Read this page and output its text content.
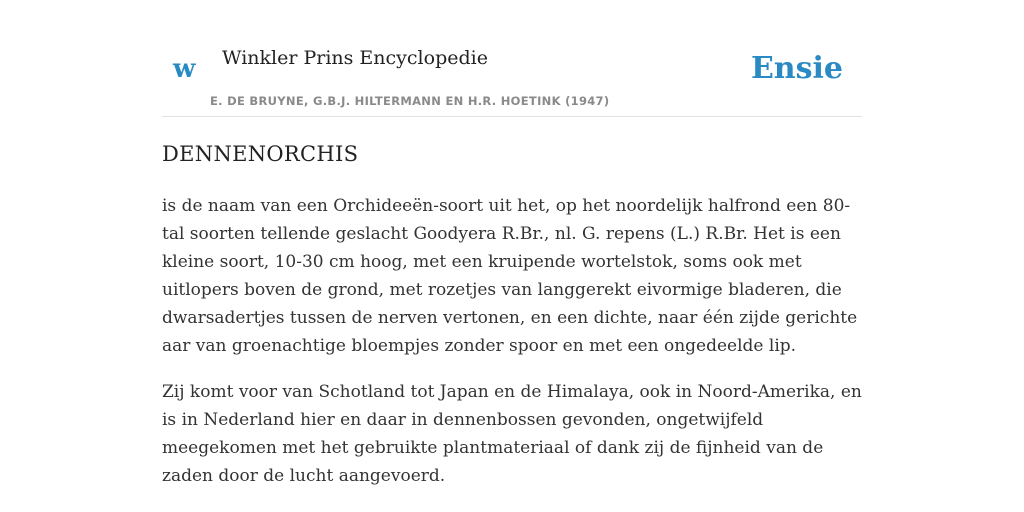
w Winkler Prins Encyclopedie
E. DE BRUYNE, G.B.J. HILTERMANN EN H.R. HOETINK (1947)
Ensie
DENNENORCHIS

is de naam van een Orchideeën-soort uit het, op het noordelijk halfrond een 80-tal soorten tellende geslacht Goodyera R.Br., nl. G. repens (L.) R.Br. Het is een kleine soort, 10-30 cm hoog, met een kruipende wortelstok, soms ook met uitlopers boven de grond, met rozetjes van langgerekt eivormige bladeren, die dwarsadertjes tussen de nerven vertonen, en een dichte, naar één zijde gerichte aar van groenachtige bloempjes zonder spoor en met een ongedeelde lip.

Zij komt voor van Schotland tot Japan en de Himalaya, ook in Noord-Amerika, en is in Nederland hier en daar in dennenbossen gevonden, ongetwijfeld meegekomen met het gebruikte plantmateriaal of dank zij de fijnheid van de zaden door de lucht aangevoerd.
